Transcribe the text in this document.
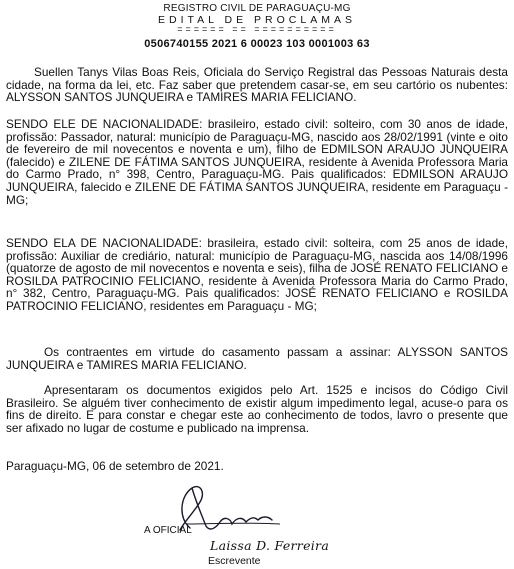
REGISTRO CIVIL DE PARAGUAÇU-MG
EDITAL DE PROCLAMAS
====== == ==========
0506740155 2021 6 00023 103 0001003 63

Suellen Tanys Vilas Boas Reis, Oficiala do Serviço Registral das Pessoas Naturais desta cidade, na forma da lei, etc. Faz saber que pretendem casar-se, em seu cartório os nubentes: ALYSSON SANTOS JUNQUEIRA e TAMIRES MARIA FELICIANO.

SENDO ELE DE NACIONALIDADE: brasileiro, estado civil: solteiro, com 30 anos de idade, profissão: Passador, natural: município de Paraguaçu-MG, nascido aos 28/02/1991 (vinte e oito de fevereiro de mil novecentos e noventa e um), filho de EDMILSON ARAUJO JUNQUEIRA (falecido) e ZILENE DE FÁTIMA SANTOS JUNQUEIRA, residente à Avenida Professora Maria do Carmo Prado, n° 398, Centro, Paraguaçu-MG. Pais qualificados: EDMILSON ARAUJO JUNQUEIRA, falecido e ZILENE DE FÁTIMA SANTOS JUNQUEIRA, residente em Paraguaçu - MG;

SENDO ELA DE NACIONALIDADE: brasileira, estado civil: solteira, com 25 anos de idade, profissão: Auxiliar de crediário, natural: município de Paraguaçu-MG, nascida aos 14/08/1996 (quatorze de agosto de mil novecentos e noventa e seis), filha de JOSÉ RENATO FELICIANO e ROSILDA PATROCINIO FELICIANO, residente à Avenida Professora Maria do Carmo Prado, n° 382, Centro, Paraguaçu-MG. Pais qualificados: JOSÉ RENATO FELICIANO e ROSILDA PATROCINIO FELICIANO, residentes em Paraguaçu - MG;

Os contraentes em virtude do casamento passam a assinar: ALYSSON SANTOS JUNQUEIRA e TAMIRES MARIA FELICIANO.

Apresentaram os documentos exigidos pelo Art. 1525 e incisos do Código Civil Brasileiro. Se alguém tiver conhecimento de existir algum impedimento legal, acuse-o para os fins de direito. E para constar e chegar este ao conhecimento de todos, lavro o presente que ser afixado no lugar de costume e publicado na imprensa.

Paraguaçu-MG, 06 de setembro de 2021.

A OFICIAL
Laissa D. Ferreira
Escrevente
